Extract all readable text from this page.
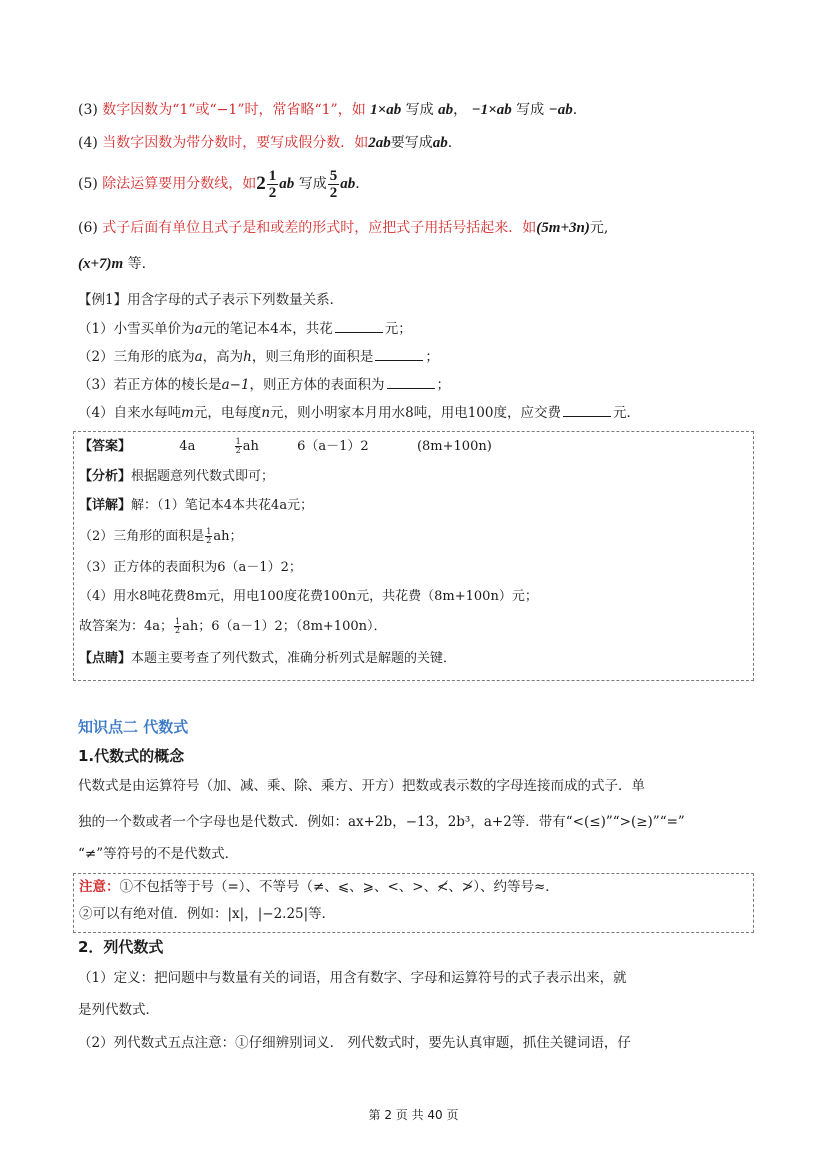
(3) 数字因数为“1”或“−1”时，常省略“1”，如 1×ab 写成 ab， −1×ab 写成 −ab.
(4) 当数字因数为带分数时，要写成假分数．如2ab要写成ab.
(5) 除法运算要用分数线，如$2 \frac{1}{2}$ ab 写成 $\frac{5}{2}$ ab.
(6) 式子后面有单位且式子是和或差的形式时，应把式子用括号括起来．如(5m+3n)元,
(x+7)m 等.
【例1】用含字母的式子表示下列数量关系．
（1）小雪买单价为a元的笔记本4本，共花	元；
（2）三角形的底为a，高为h，则三角形的面积是	；
（3）若正方体的棱长是a−1，则正方体的表面积为	；
（4）自来水每吨m元，电每度n元，则小明家本月用水8吨，用电100度，应交费	元．
【答案】	4a	$\frac{1}{2}$ ah	6（a－1）2	(8m+100n)
【分析】根据题意列代数式即可；
【详解】解：（1）笔记本4本共花4a元；
（2）三角形的面积是 $\frac{1}{2}$ ah；
（3）正方体的表面积为6（a－1）2；
（4）用水8吨花费8m元，用电100度花费100n元，共花费（8m+100n）元；
故答案为：4a； $\frac{1}{2}$ ah；6（a－1）2；（8m+100n）．
【点睛】本题主要考查了列代数式，准确分析列式是解题的关键．
知识点二 代数式
1.代数式的概念
代数式是由运算符号（加、减、乘、除、乘方、开方）把数或表示数的字母连接而成的式子．单
独的一个数或者一个字母也是代数式．例如：ax+2b，−13，2b³，a+2等．带有“<(≤)”“>(≥)”“=”
“≠”等符号的不是代数式．
注意：①不包括等于号（=）、不等号（≠、⩽、⩾、<、>、≮、≯）、约等号≈．
②可以有绝对值．例如：|x|，|−2.25|等．
2．列代数式
（1）定义：把问题中与数量有关的词语，用含有数字、字母和运算符号的式子表示出来，就
是列代数式．
（2）列代数式五点注意：①仔细辨别词义． 列代数式时，要先认真审题，抓住关键词语，仔
第 2 页 共 40 页
